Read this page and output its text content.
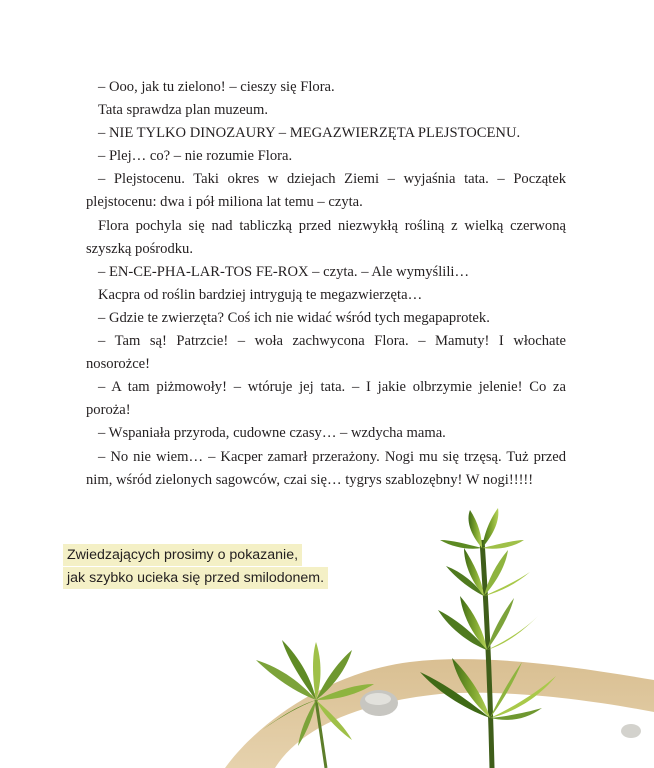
– Ooo, jak tu zielono! – cieszy się Flora.

Tata sprawdza plan muzeum.

– NIE TYLKO DINOZAURY – MEGAZWIERZĘTA PLEJSTOCENU.

– Plej… co? – nie rozumie Flora.

– Plejstocenu. Taki okres w dziejach Ziemi – wyjaśnia tata. – Początek plejstocenu: dwa i pół miliona lat temu – czyta.

Flora pochyla się nad tabliczką przed niezwykłą rośliną z wielką czerwoną szyszką pośrodku.

– EN-CE-PHA-LAR-TOS FE-ROX – czyta. – Ale wymyślili…

Kacpra od roślin bardziej intrygują te megazwierzęta…

– Gdzie te zwierzęta? Coś ich nie widać wśród tych megapaprotek.

– Tam są! Patrzcie! – woła zachwycona Flora. – Mamuty! I włochate nosorożce!

– A tam piżmowoły! – wtóruje jej tata. – I jakie olbrzymie jelenie! Co za poroża!

– Wspaniała przyroda, cudowne czasy… – wzdycha mama.

– No nie wiem… – Kacper zamarł przerażony. Nogi mu się trzęsą. Tuż przed nim, wśród zielonych sagowców, czai się… tygrys szablozębny! W nogi!!!!!

Zwiedzających prosimy o pokazanie,
jak szybko ucieka się przed smilodonem.
